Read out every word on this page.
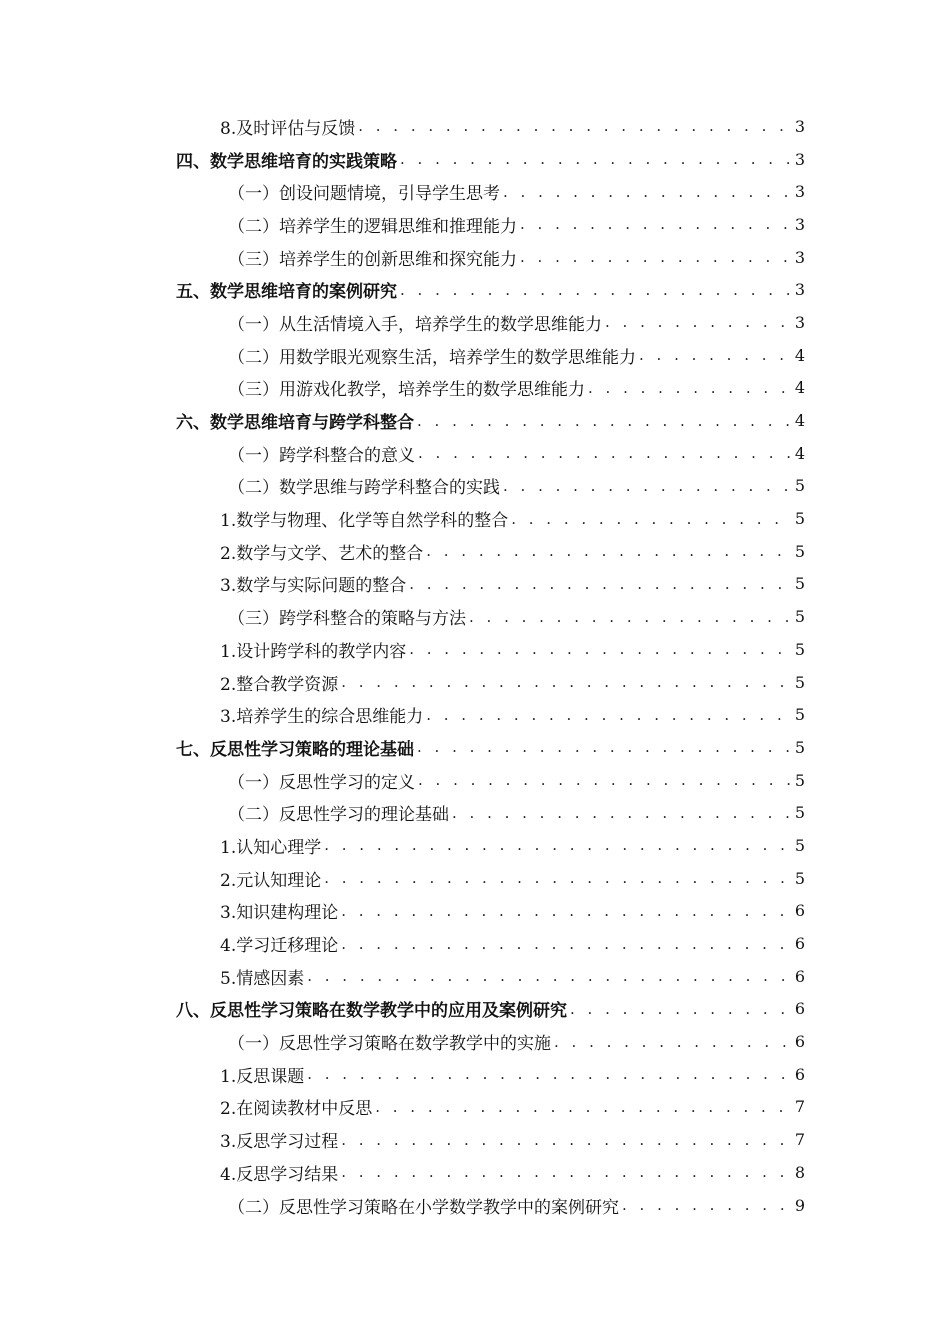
8.及时评估与反馈 . . .	3
四、数学思维培育的实践策略 . . .	3
（一）创设问题情境，引导学生思考 . . .	3
（二）培养学生的逻辑思维和推理能力 . . .	3
（三）培养学生的创新思维和探究能力 . . .	3
五、数学思维培育的案例研究 . . .	3
（一）从生活情境入手，培养学生的数学思维能力 . . .	3
（二）用数学眼光观察生活，培养学生的数学思维能力 . . .	4
（三）用游戏化教学，培养学生的数学思维能力 . . .	4
六、数学思维培育与跨学科整合 . . .	4
（一）跨学科整合的意义 . . .	4
（二）数学思维与跨学科整合的实践 . . .	5
1.数学与物理、化学等自然学科的整合 . . .	5
2.数学与文学、艺术的整合 . . .	5
3.数学与实际问题的整合 . . .	5
（三）跨学科整合的策略与方法 . . .	5
1.设计跨学科的教学内容 . . .	5
2.整合教学资源 . . .	5
3.培养学生的综合思维能力 . . .	5
七、反思性学习策略的理论基础 . . .	5
（一）反思性学习的定义 . . .	5
（二）反思性学习的理论基础 . . .	5
1.认知心理学 . . .	5
2.元认知理论 . . .	5
3.知识建构理论 . . .	6
4.学习迁移理论 . . .	6
5.情感因素 . . .	6
八、反思性学习策略在数学教学中的应用及案例研究 . . .	6
（一）反思性学习策略在数学教学中的实施 . . .	6
1.反思课题 . . .	6
2.在阅读教材中反思 . . .	7
3.反思学习过程 . . .	7
4.反思学习结果 . . .	8
（二）反思性学习策略在小学数学教学中的案例研究 . . .	9
